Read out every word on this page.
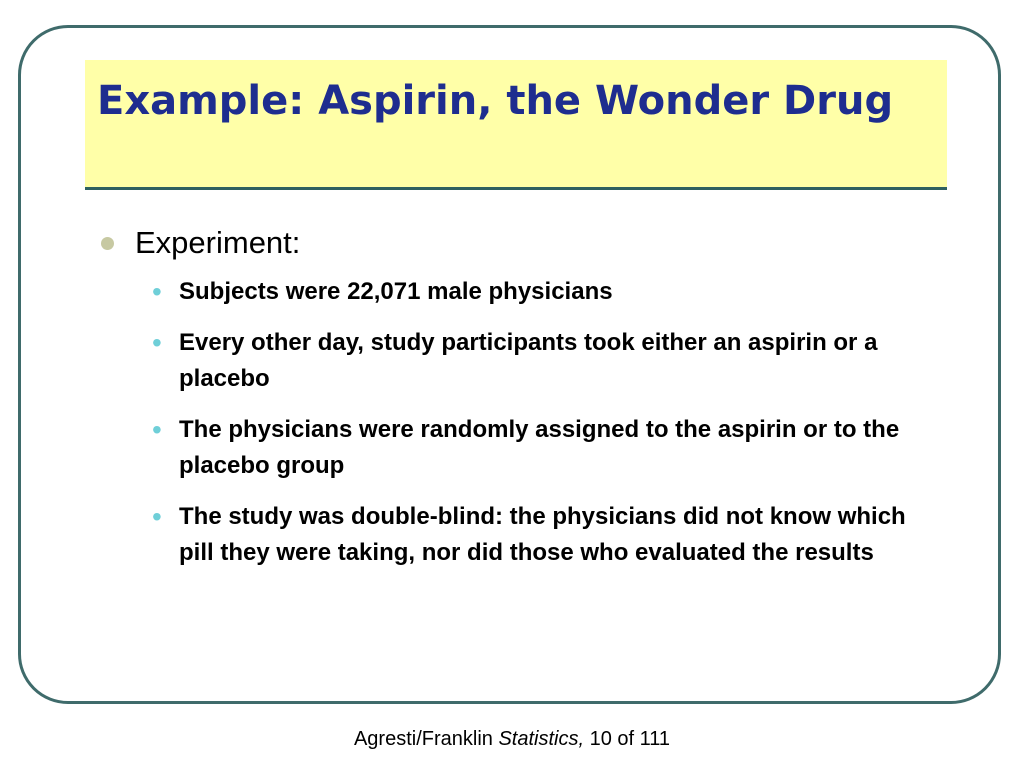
Example: Aspirin, the Wonder Drug
Experiment:
• Subjects were 22,071 male physicians
• Every other day, study participants took either an aspirin or a placebo
• The physicians were randomly assigned to the aspirin or to the placebo group
• The study was double-blind: the physicians did not know which pill they were taking, nor did those who evaluated the results
Agresti/Franklin Statistics, 10 of 111
